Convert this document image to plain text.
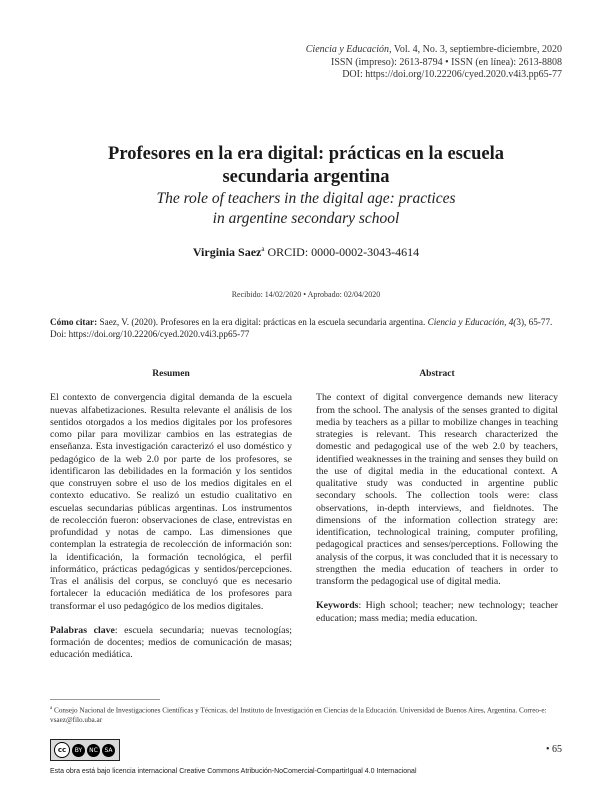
Ciencia y Educación, Vol. 4, No. 3, septiembre-diciembre, 2020
ISSN (impreso): 2613-8794 • ISSN (en línea): 2613-8808
DOI: https://doi.org/10.22206/cyed.2020.v4i3.pp65-77
Profesores en la era digital: prácticas en la escuela
secundaria argentina
The role of teachers in the digital age: practices
in argentine secondary school
Virginia Saez$^a$ ORCID: 0000-0002-3043-4614
Recibido: 14/02/2020 • Aprobado: 02/04/2020
Cómo citar: Saez, V. (2020). Profesores en la era digital: prácticas en la escuela secundaria argentina. Ciencia y Educación, 4(3), 65-77. Doi: https://doi.org/10.22206/cyed.2020.v4i3.pp65-77
Resumen

El contexto de convergencia digital demanda de la escuela nuevas alfabetizaciones. Resulta relevante el análisis de los sentidos otorgados a los medios digitales por los profesores como pilar para movilizar cambios en las estrategias de enseñanza. Esta investigación caracterizó el uso doméstico y pedagógico de la web 2.0 por parte de los profesores, se identificaron las debilidades en la formación y los sentidos que construyen sobre el uso de los medios digitales en el contexto educativo. Se realizó un estudio cualitativo en escuelas secundarias públicas argentinas. Los instrumentos de recolección fueron: observaciones de clase, entrevistas en profundidad y notas de campo. Las dimensiones que contemplan la estrategia de recolección de información son: la identificación, la formación tecnológica, el perfil informático, prácticas pedagógicas y sentidos/percepciones. Tras el análisis del corpus, se concluyó que es necesario fortalecer la educación mediática de los profesores para transformar el uso pedagógico de los medios digitales.

Palabras clave: escuela secundaria; nuevas tecnologías; formación de docentes; medios de comunicación de masas; educación mediática.

Abstract

The context of digital convergence demands new literacy from the school. The analysis of the senses granted to digital media by teachers as a pillar to mobilize changes in teaching strategies is relevant. This research characterized the domestic and pedagogical use of the web 2.0 by teachers, identified weaknesses in the training and senses they build on the use of digital media in the educational context. A qualitative study was conducted in argentine public secondary schools. The collection tools were: class observations, in-depth interviews, and fieldnotes. The dimensions of the information collection strategy are: identification, technological training, computer profiling, pedagogical practices and senses/perceptions. Following the analysis of the corpus, it was concluded that it is necessary to strengthen the media education of teachers in order to transform the pedagogical use of digital media.

Keywords: High school; teacher; new technology; teacher education; mass media; media education.

$^a$ Consejo Nacional de Investigaciones Científicas y Técnicas, del Instituto de Investigación en Ciencias de la Educación. Universidad de Buenos Aires, Argentina. Correo-e: vsaez@filo.uba.ar
cc	BY	NC	SA	• 65
Esta obra está bajo licencia internacional Creative Commons Atribución-NoComercial-CompartirIgual 4.0 Internacional
